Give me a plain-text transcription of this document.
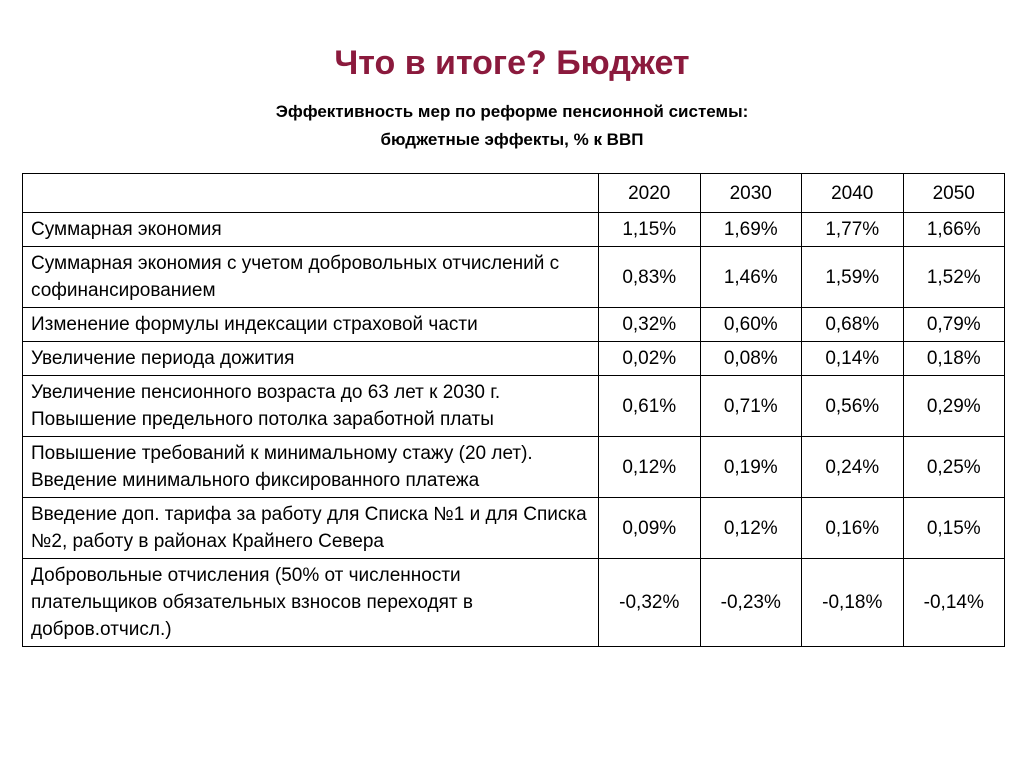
Что в итоге? Бюджет
Эффективность мер по реформе пенсионной системы:
бюджетные эффекты, % к ВВП
	2020	2030	2040	2050
Суммарная экономия	1,15%	1,69%	1,77%	1,66%
Суммарная экономия с учетом добровольных отчислений с софинансированием	0,83%	1,46%	1,59%	1,52%
Изменение формулы индексации страховой части	0,32%	0,60%	0,68%	0,79%
Увеличение периода дожития	0,02%	0,08%	0,14%	0,18%
Увеличение пенсионного возраста до 63 лет к 2030 г. Повышение предельного потолка заработной платы	0,61%	0,71%	0,56%	0,29%
Повышение требований к минимальному стажу (20 лет). Введение минимального фиксированного платежа	0,12%	0,19%	0,24%	0,25%
Введение доп. тарифа за работу для Списка №1 и для Списка №2, работу в районах Крайнего Севера	0,09%	0,12%	0,16%	0,15%
Добровольные отчисления (50% от численности плательщиков обязательных взносов переходят в добров.отчисл.)	-0,32%	-0,23%	-0,18%	-0,14%
